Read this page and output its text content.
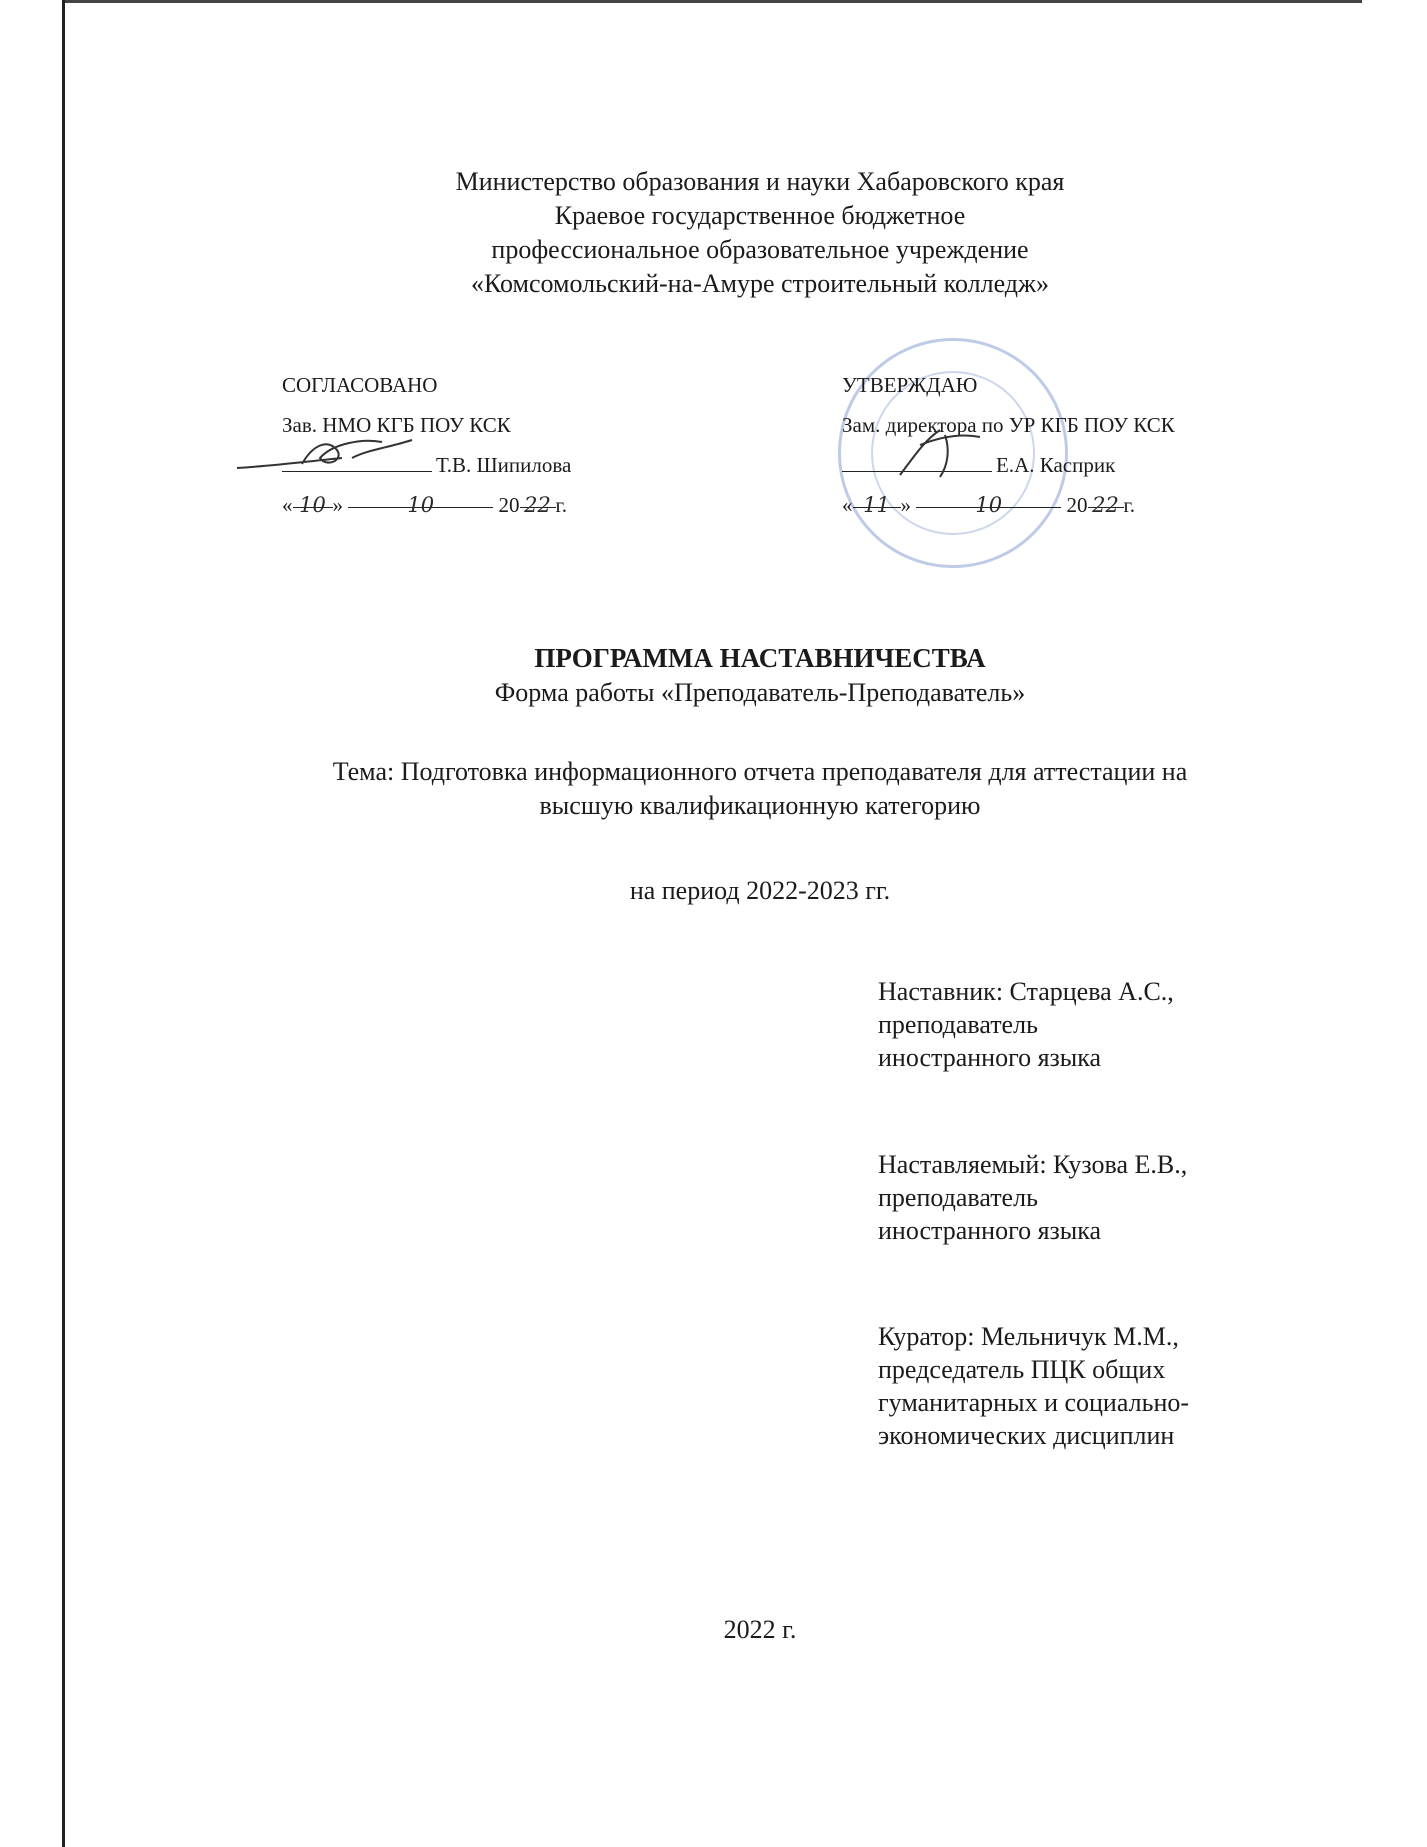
Министерство образования и науки Хабаровского края
Краевое государственное бюджетное
профессиональное образовательное учреждение
«Комсомольский-на-Амуре строительный колледж»
СОГЛАСОВАНО
Зав. НМО КГБ ПОУ КСК
Т.В. Шипилова
« 10 »	10	20 22 г.
УТВЕРЖДАЮ
Зам. директора по УР КГБ ПОУ КСК
Е.А. Касприк
« 11 »	10	20 22 г.
ПРОГРАММА НАСТАВНИЧЕСТВА
Форма работы «Преподаватель-Преподаватель»
Тема: Подготовка информационного отчета преподавателя для аттестации на
высшую квалификационную категорию
на период 2022-2023 гг.
Наставник: Старцева А.С.,
преподаватель
иностранного языка
Наставляемый: Кузова Е.В.,
преподаватель
иностранного языка
Куратор: Мельничук М.М.,
председатель ПЦК общих
гуманитарных и социально-
экономических дисциплин
2022 г.
